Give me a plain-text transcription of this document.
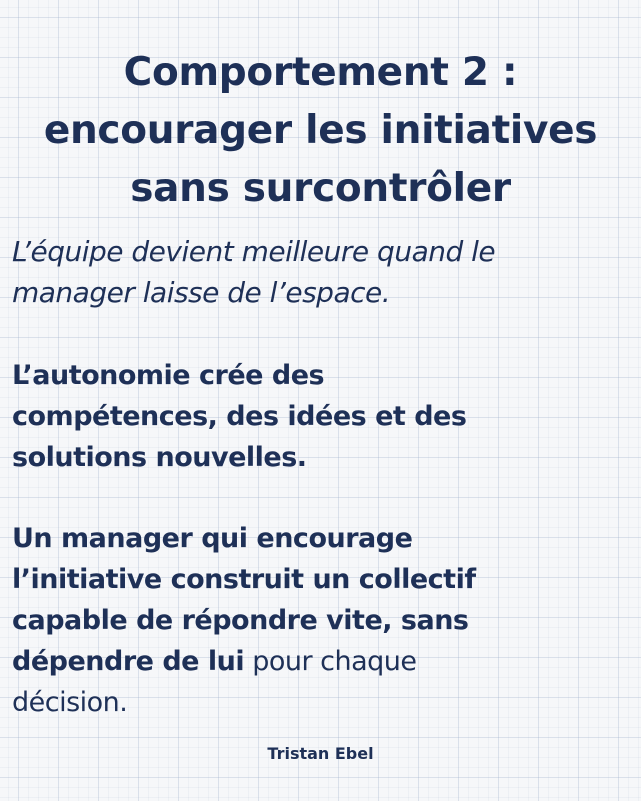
Comportement 2 :
encourager les initiatives
sans surcontrôler
L’équipe devient meilleure quand le
manager laisse de l’espace.
L’autonomie crée des
compétences, des idées et des
solutions nouvelles.
Un manager qui encourage
l’initiative construit un collectif
capable de répondre vite, sans
dépendre de lui pour chaque
décision.
Tristan Ebel
